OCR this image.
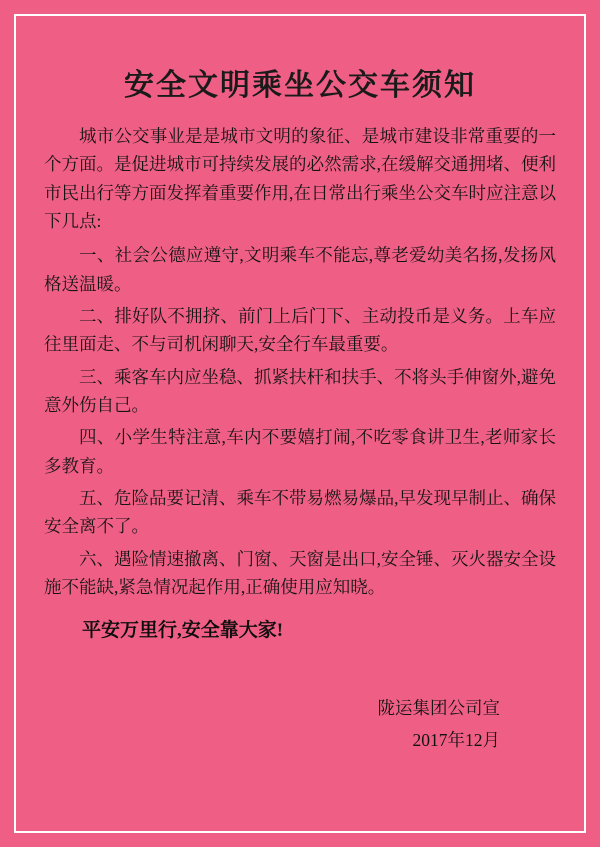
安全文明乘坐公交车须知

城市公交事业是是城市文明的象征、是城市建设非常重要的一个方面。是促进城市可持续发展的必然需求,在缓解交通拥堵、便利市民出行等方面发挥着重要作用,在日常出行乘坐公交车时应注意以下几点:

一、社会公德应遵守,文明乘车不能忘,尊老爱幼美名扬,发扬风格送温暖。

二、排好队不拥挤、前门上后门下、主动投币是义务。上车应往里面走、不与司机闲聊天,安全行车最重要。

三、乘客车内应坐稳、抓紧扶杆和扶手、不将头手伸窗外,避免意外伤自己。

四、小学生特注意,车内不要嬉打闹,不吃零食讲卫生,老师家长多教育。

五、危险品要记清、乘车不带易燃易爆品,早发现早制止、确保安全离不了。

六、遇险情速撤离、门窗、天窗是出口,安全锤、灭火器安全设施不能缺,紧急情况起作用,正确使用应知晓。

平安万里行,安全靠大家!

陇运集团公司宣
2017年12月
